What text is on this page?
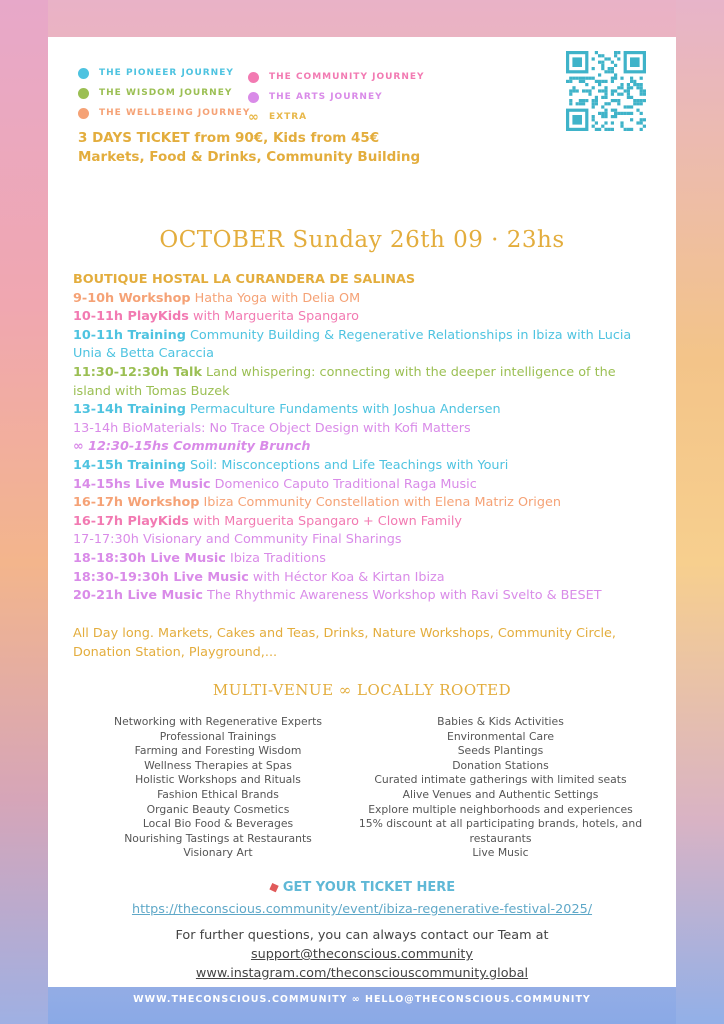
THE PIONEER JOURNEY
THE WISDOM JOURNEY
THE WELLBEING JOURNEY
THE COMMUNITY JOURNEY
THE ARTS JOURNEY
∞ EXTRA
3 DAYS TICKET from 90€, Kids from 45€
Markets, Food & Drinks, Community Building
OCTOBER Sunday 26th 09 · 23hs
BOUTIQUE HOSTAL LA CURANDERA DE SALINAS
9-10h Workshop Hatha Yoga with Delia OM
10-11h PlayKids with Marguerita Spangaro
10-11h Training Community Building & Regenerative Relationships in Ibiza with Lucia Unia & Betta Caraccia
11:30-12:30h Talk Land whispering: connecting with the deeper intelligence of the island with Tomas Buzek
13-14h Training Permaculture Fundaments with Joshua Andersen
13-14h BioMaterials: No Trace Object Design with Kofi Matters
∞ 12:30-15hs Community Brunch
14-15h Training Soil: Misconceptions and Life Teachings with Youri
14-15hs Live Music Domenico Caputo Traditional Raga Music
16-17h Workshop Ibiza Community Constellation with Elena Matriz Origen
16-17h PlayKids with Marguerita Spangaro + Clown Family
17-17:30h Visionary and Community Final Sharings
18-18:30h Live Music Ibiza Traditions
18:30-19:30h Live Music with Héctor Koa & Kirtan Ibiza
20-21h Live Music The Rhythmic Awareness Workshop with Ravi Svelto & BESET
All Day long. Markets, Cakes and Teas, Drinks, Nature Workshops, Community Circle, Donation Station, Playground,...
MULTI-VENUE ∞ LOCALLY ROOTED
Networking with Regenerative Experts
Professional Trainings
Farming and Foresting Wisdom
Wellness Therapies at Spas
Holistic Workshops and Rituals
Fashion Ethical Brands
Organic Beauty Cosmetics
Local Bio Food & Beverages
Nourishing Tastings at Restaurants
Visionary Art
Babies & Kids Activities
Environmental Care
Seeds Plantings
Donation Stations
Curated intimate gatherings with limited seats
Alive Venues and Authentic Settings
Explore multiple neighborhoods and experiences
15% discount at all participating brands, hotels, and restaurants
Live Music
◆ GET YOUR TICKET HERE
https://theconscious.community/event/ibiza-regenerative-festival-2025/
For further questions, you can always contact our Team at
support@theconscious.community
www.instagram.com/theconsciouscommunity.global
WWW.THECONSCIOUS.COMMUNITY ∞ HELLO@THECONSCIOUS.COMMUNITY
